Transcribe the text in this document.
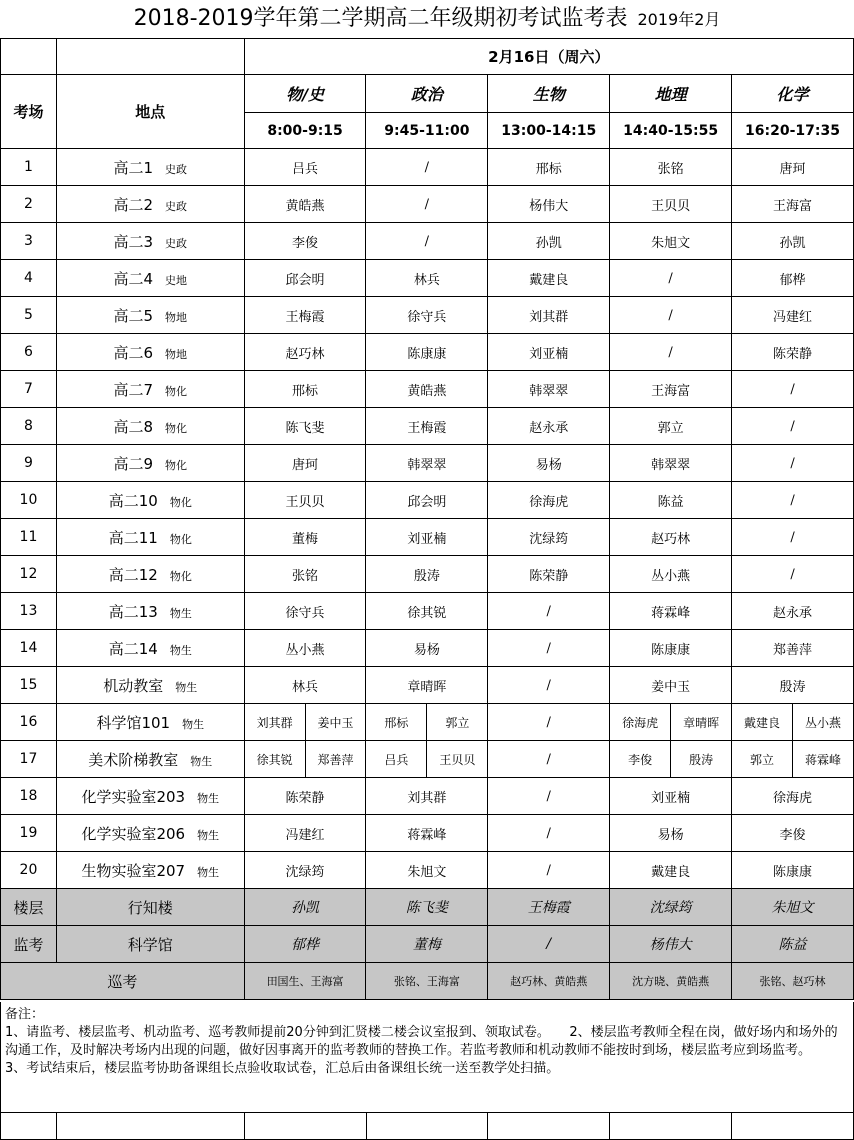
2018-2019学年第二学期高二年级期初考试监考表 2019年2月
		2月16日（周六）								
考场	地点	物/史		政治		生物	地理		化学	
		8:00-9:15		9:45-11:00		13:00-14:15	14:40-15:55		16:20-17:35	
1	高二1 史政	吕兵		/		邢标	张铭		唐珂	
2	高二2 史政	黄皓燕		/		杨伟大	王贝贝		王海富	
3	高二3 史政	李俊		/		孙凯	朱旭文		孙凯	
4	高二4 史地	邱会明		林兵		戴建良	/		郁桦	
5	高二5 物地	王梅霞		徐守兵		刘其群	/		冯建红	
6	高二6 物地	赵巧林		陈康康		刘亚楠	/		陈荣静	
7	高二7 物化	邢标		黄皓燕		韩翠翠	王海富		/	
8	高二8 物化	陈飞斐		王梅霞		赵永承	郭立		/	
9	高二9 物化	唐珂		韩翠翠		易杨	韩翠翠		/	
10	高二10 物化	王贝贝		邱会明		徐海虎	陈益		/	
11	高二11 物化	董梅		刘亚楠		沈绿筠	赵巧林		/	
12	高二12 物化	张铭		殷涛		陈荣静	丛小燕		/	
13	高二13 物生	徐守兵		徐其锐		/	蒋霖峰		赵永承	
14	高二14 物生	丛小燕		易杨		/	陈康康		郑善萍	
15	机动教室 物生	林兵		章晴晖		/	姜中玉		殷涛	
16	科学馆101 物生	刘其群	姜中玉	邢标	郭立	/	徐海虎	章晴晖	戴建良	丛小燕
17	美术阶梯教室 物生	徐其锐	郑善萍	吕兵	王贝贝	/	李俊	殷涛	郭立	蒋霖峰
18	化学实验室203 物生	陈荣静		刘其群		/	刘亚楠		徐海虎	
19	化学实验室206 物生	冯建红		蒋霖峰		/	易杨		李俊	
20	生物实验室207 物生	沈绿筠		朱旭文		/	戴建良		陈康康	
楼层	行知楼	孙凯		陈飞斐		王梅霞	沈绿筠		朱旭文	
监考	科学馆	郁桦		董梅		/	杨伟大		陈益	
巡考		田国生、王海富		张铭、王海富		赵巧林、黄皓燕	沈方晓、黄皓燕		张铭、赵巧林	
备注：
1、请监考、楼层监考、机动监考、巡考教师提前20分钟到汇贤楼二楼会议室报到、领取试卷。　　2、楼层监考教师全程在岗，做好场内和场外的沟通工作，及时解决考场内出现的问题，做好因事离开的监考教师的替换工作。若监考教师和机动教师不能按时到场，楼层监考应到场监考。　　3、考试结束后，楼层监考协助备课组长点验收取试卷，汇总后由备课组长统一送至教学处扫描。
